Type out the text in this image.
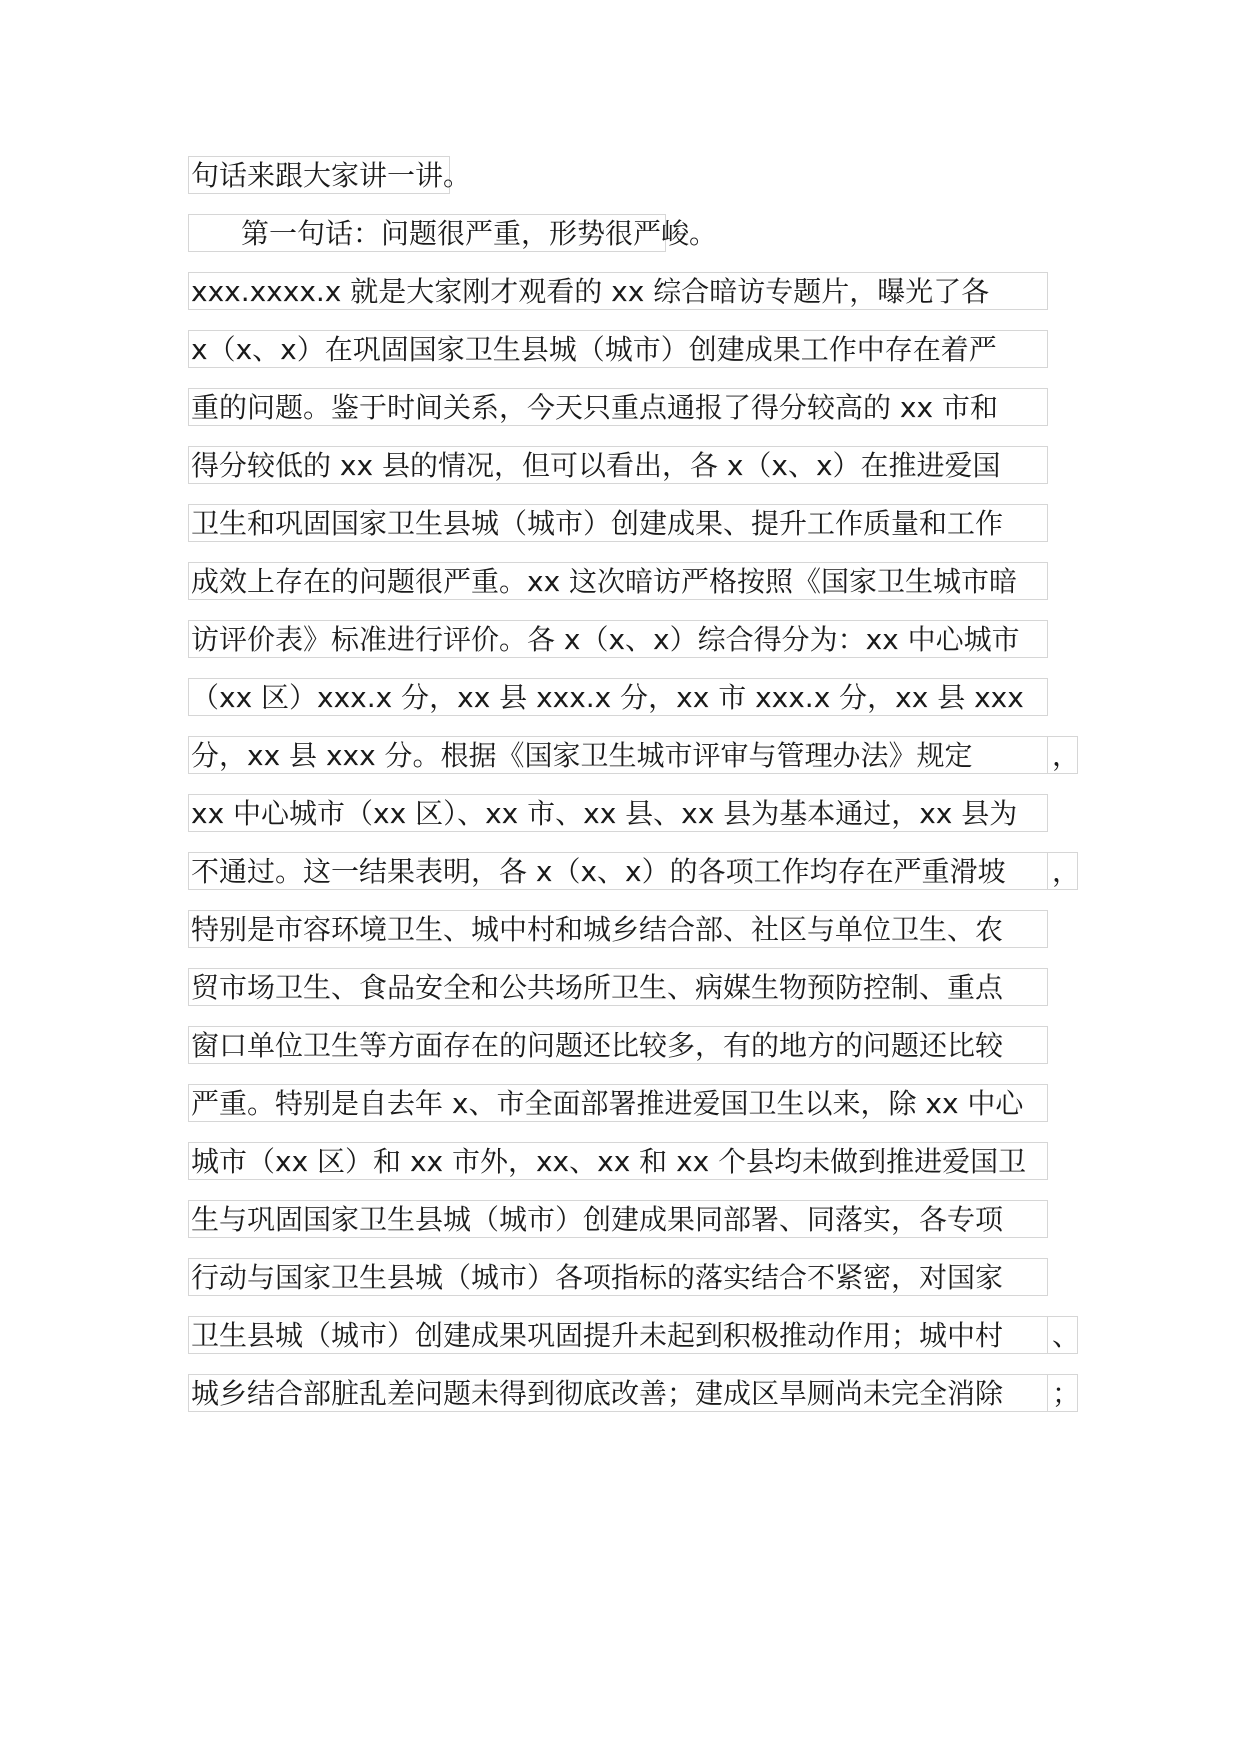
句话来跟大家讲一讲。
第一句话：问题很严重，形势很严峻。
xxx.xxxx.x 就是大家刚才观看的 xx 综合暗访专题片，曝光了各
x（x、x）在巩固国家卫生县城（城市）创建成果工作中存在着严
重的问题。鉴于时间关系，今天只重点通报了得分较高的 xx 市和
得分较低的 xx 县的情况，但可以看出，各 x（x、x）在推进爱国
卫生和巩固国家卫生县城（城市）创建成果、提升工作质量和工作
成效上存在的问题很严重。xx 这次暗访严格按照《国家卫生城市暗
访评价表》标准进行评价。各 x（x、x）综合得分为：xx 中心城市
（xx 区）xxx.x 分，xx 县 xxx.x 分，xx 市 xxx.x 分，xx 县 xxx
分，xx 县 xxx 分。根据《国家卫生城市评审与管理办法》规定	，
xx 中心城市（xx 区）、xx 市、xx 县、xx 县为基本通过，xx 县为
不通过。这一结果表明，各 x（x、x）的各项工作均存在严重滑坡	，
特别是市容环境卫生、城中村和城乡结合部、社区与单位卫生、农
贸市场卫生、食品安全和公共场所卫生、病媒生物预防控制、重点
窗口单位卫生等方面存在的问题还比较多，有的地方的问题还比较
严重。特别是自去年 x、市全面部署推进爱国卫生以来，除 xx 中心
城市（xx 区）和 xx 市外，xx、xx 和 xx 个县均未做到推进爱国卫
生与巩固国家卫生县城（城市）创建成果同部署、同落实，各专项
行动与国家卫生县城（城市）各项指标的落实结合不紧密，对国家
卫生县城（城市）创建成果巩固提升未起到积极推动作用；城中村	、
城乡结合部脏乱差问题未得到彻底改善；建成区旱厕尚未完全消除	；
